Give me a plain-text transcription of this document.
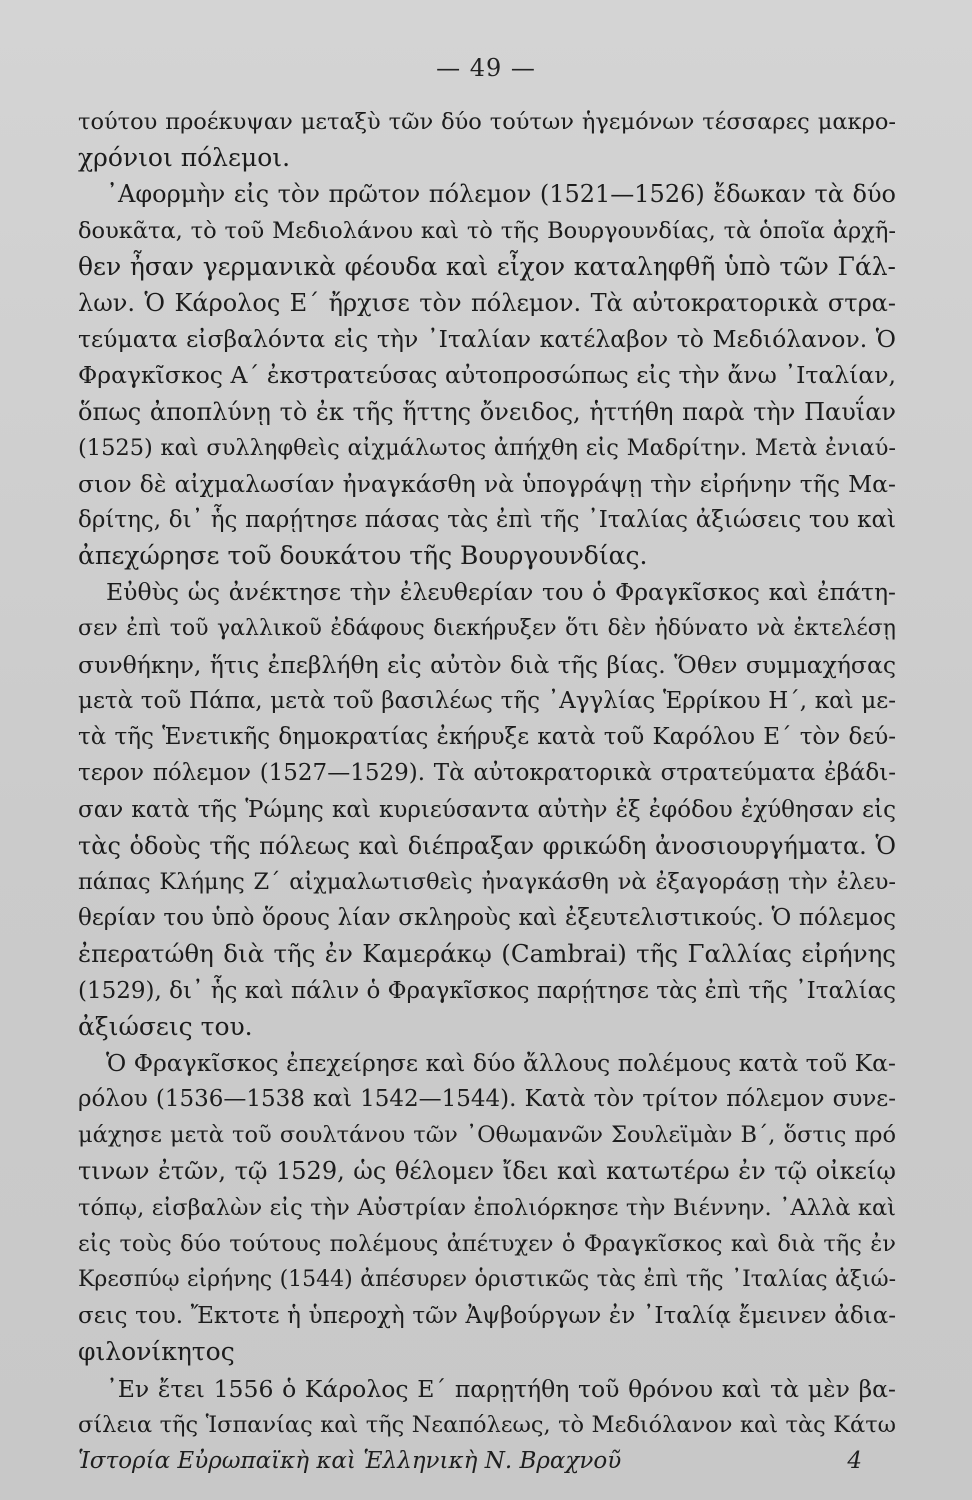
— 49 —
τούτου προέκυψαν μεταξὺ τῶν δύο τούτων ἡγεμόνων τέσσαρες μακρο-
χρόνιοι πόλεμοι.
᾿Αφορμὴν εἰς τὸν πρῶτον πόλεμον (1521—1526) ἔδωκαν τὰ δύο
δουκᾶτα, τὸ τοῦ Μεδιολάνου καὶ τὸ τῆς Βουργουνδίας, τὰ ὁποῖα ἀρχῆ-
θεν ἦσαν γερμανικὰ φέουδα καὶ εἶχον καταληφθῆ ὑπὸ τῶν Γάλ-
λων. Ὁ Κάρολος Ε΄ ἤρχισε τὸν πόλεμον. Τὰ αὐτοκρατορικὰ στρα-
τεύματα εἰσβαλόντα εἰς τὴν ᾿Ιταλίαν κατέλαβον τὸ Μεδιόλανον. Ὁ
Φραγκῖσκος Α΄ ἐκστρατεύσας αὐτοπροσώπως εἰς τὴν ἄνω ᾿Ιταλίαν,
ὅπως ἀποπλύνῃ τὸ ἐκ τῆς ἥττης ὄνειδος, ἡττήθη παρὰ τὴν Παυΐαν
(1525) καὶ συλληφθεὶς αἰχμάλωτος ἀπήχθη εἰς Μαδρίτην. Μετὰ ἐνιαύ-
σιον δὲ αἰχμαλωσίαν ἠναγκάσθη νὰ ὑπογράψῃ τὴν εἰρήνην τῆς Μα-
δρίτης, δι᾿ ἧς παρῄτησε πάσας τὰς ἐπὶ τῆς ᾿Ιταλίας ἀξιώσεις του καὶ
ἀπεχώρησε τοῦ δουκάτου τῆς Βουργουνδίας.
Εὐθὺς ὡς ἀνέκτησε τὴν ἐλευθερίαν του ὁ Φραγκῖσκος καὶ ἐπάτη-
σεν ἐπὶ τοῦ γαλλικοῦ ἐδάφους διεκήρυξεν ὅτι δὲν ἠδύνατο νὰ ἐκτελέσῃ
συνθήκην, ἥτις ἐπεβλήθη εἰς αὐτὸν διὰ τῆς βίας. Ὅθεν συμμαχήσας
μετὰ τοῦ Πάπα, μετὰ τοῦ βασιλέως τῆς ᾿Αγγλίας Ἑρρίκου Η΄, καὶ με-
τὰ τῆς Ἑνετικῆς δημοκρατίας ἐκήρυξε κατὰ τοῦ Καρόλου Ε΄ τὸν δεύ-
τερον πόλεμον (1527—1529). Τὰ αὐτοκρατορικὰ στρατεύματα ἐβάδι-
σαν κατὰ τῆς Ῥώμης καὶ κυριεύσαντα αὐτὴν ἐξ ἐφόδου ἐχύθησαν εἰς
τὰς ὁδοὺς τῆς πόλεως καὶ διέπραξαν φρικώδη ἀνοσιουργήματα. Ὁ
πάπας Κλήμης Ζ΄ αἰχμαλωτισθεὶς ἠναγκάσθη νὰ ἐξαγοράσῃ τὴν ἐλευ-
θερίαν του ὑπὸ ὅρους λίαν σκληροὺς καὶ ἐξευτελιστικούς. Ὁ πόλεμος
ἐπερατώθη διὰ τῆς ἐν Καμεράκῳ (Cambrai) τῆς Γαλλίας εἰρήνης
(1529), δι᾿ ἧς καὶ πάλιν ὁ Φραγκῖσκος παρῄτησε τὰς ἐπὶ τῆς ᾿Ιταλίας
ἀξιώσεις του.
Ὁ Φραγκῖσκος ἐπεχείρησε καὶ δύο ἄλλους πολέμους κατὰ τοῦ Κα-
ρόλου (1536—1538 καὶ 1542—1544). Κατὰ τὸν τρίτον πόλεμον συνε-
μάχησε μετὰ τοῦ σουλτάνου τῶν ᾿Οθωμανῶν Σουλεϊμὰν Β΄, ὅστις πρό
τινων ἐτῶν, τῷ 1529, ὡς θέλομεν ἴδει καὶ κατωτέρω ἐν τῷ οἰκείῳ
τόπῳ, εἰσβαλὼν εἰς τὴν Αὐστρίαν ἐπολιόρκησε τὴν Βιέννην. ᾿Αλλὰ καὶ
εἰς τοὺς δύο τούτους πολέμους ἀπέτυχεν ὁ Φραγκῖσκος καὶ διὰ τῆς ἐν
Κρεσπύῳ εἰρήνης (1544) ἀπέσυρεν ὁριστικῶς τὰς ἐπὶ τῆς ᾿Ιταλίας ἀξιώ-
σεις του. Ἔκτοτε ἡ ὑπεροχὴ τῶν Ἀψβούργων ἐν ᾿Ιταλίᾳ ἔμεινεν ἀδια-
φιλονίκητος
᾿Εν ἔτει 1556 ὁ Κάρολος Ε΄ παρῃτήθη τοῦ θρόνου καὶ τὰ μὲν βα-
σίλεια τῆς Ἱσπανίας καὶ τῆς Νεαπόλεως, τὸ Μεδιόλανον καὶ τὰς Κάτω
Ἱστορία Εὐρωπαϊκὴ καὶ Ἑλληνικὴ Ν. Βραχνοῦ	4
